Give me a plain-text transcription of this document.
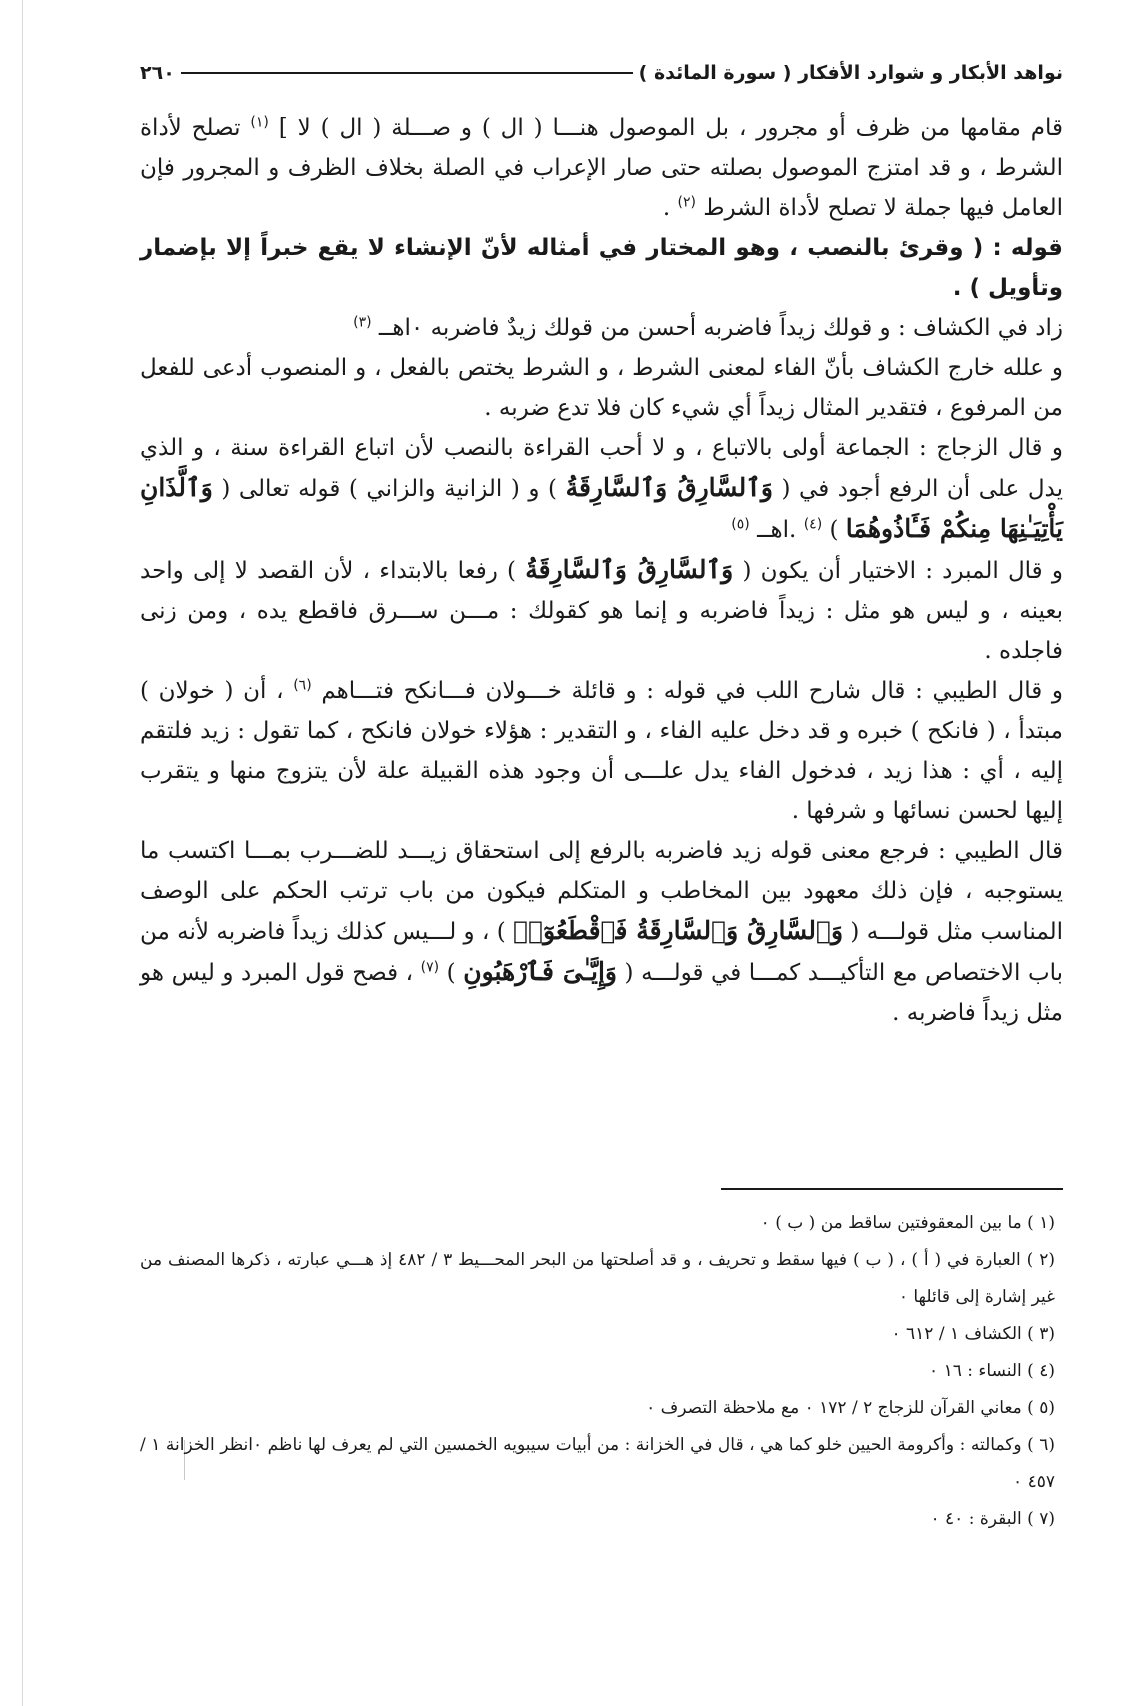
نواهد الأبكار و شوارد الأفكار ( سورة المائدة )
٢٦٠

قام مقامها من ظرف أو مجرور ، بل الموصول هنـــا ( ال ) و صـــلة ( ال ) لا ] $^{(١)}$ تصلح لأداة الشرط ، و قد امتزج الموصول بصلته حتى صار الإعراب في الصلة بخلاف الظرف و المجرور فإن العامل فيها جملة لا تصلح لأداة الشرط $^{(٢)}$ .

قوله : ( وقرئ بالنصب ، وهو المختار في أمثاله لأنّ الإنشاء لا يقع خبراً إلا بإضمار وتأويل ) .

زاد في الكشاف : و قولك زيداً فاضربه أحسن من قولك زيدٌ فاضربه ٠اهــ $^{(٣)}$

و علله خارج الكشاف بأنّ الفاء لمعنى الشرط ، و الشرط يختص بالفعل ، و المنصوب أدعى للفعل من المرفوع ، فتقدير المثال زيداً أي شيء كان فلا تدع ضربه .

و قال الزجاج : الجماعة أولى بالاتباع ، و لا أحب القراءة بالنصب لأن اتباع القراءة سنة ، و الذي يدل على أن الرفع أجود في ( وَٱلسَّارِقُ وَٱلسَّارِقَةُ ) و ( الزانية والزاني ) قوله تعالى ( وَٱلَّذَانِ يَأْتِيَـٰنِهَا مِنكُمْ فَـَٔاذُوهُمَا ) $^{(٤)}$ .اهــ $^{(٥)}$

و قال المبرد : الاختيار أن يكون ( وَٱلسَّارِقُ وَٱلسَّارِقَةُ ) رفعا بالابتداء ، لأن القصد لا إلى واحد بعينه ، و ليس هو مثل : زيداً فاضربه و إنما هو كقولك : مـــن ســـرق فاقطع يده ، ومن زنى فاجلده .

و قال الطيبي : قال شارح اللب في قوله : و قائلة خـــولان فـــانكح فتـــاهم $^{(٦)}$ ، أن ( خولان ) مبتدأ ، ( فانكح ) خبره و قد دخل عليه الفاء ، و التقدير : هؤلاء خولان فانكح ، كما تقول : زيد فلتقم إليه ، أي : هذا زيد ، فدخول الفاء يدل علـــى أن وجود هذه القبيلة علة لأن يتزوج منها و يتقرب إليها لحسن نسائها و شرفها .

قال الطيبي : فرجع معنى قوله زيد فاضربه بالرفع إلى استحقاق زيـــد للضـــرب بمـــا اكتسب ما يستوجبه ، فإن ذلك معهود بين المخاطب و المتكلم فيكون من باب ترتب الحكم على الوصف المناسب مثل قولـــه ( وَٱلسَّارِقُ وَٱلسَّارِقَةُ فَٱقْطَعُوٓا۟ ) ، و لـــيس كذلك زيداً فاضربه لأنه من باب الاختصاص مع التأكيـــد كمـــا في قولـــه ( وَإِيَّـٰىَ فَٱرْهَبُونِ ) $^{(٧)}$ ، فصح قول المبرد و ليس هو مثل زيداً فاضربه .

(١ ) ما بين المعقوفتين ساقط من ( ب ) ٠

(٢ ) العبارة في ( أ ) ، ( ب ) فيها سقط و تحريف ، و قد أصلحتها من البحر المحـــيط ٣ / ٤٨٢ إذ هـــي عبارته ، ذكرها المصنف من غير إشارة إلى قائلها ٠

(٣ ) الكشاف ١ / ٦١٢ ٠

(٤ ) النساء : ١٦ ٠

(٥ ) معاني القرآن للزجاج ٢ / ١٧٢ ٠ مع ملاحظة التصرف ٠

(٦ ) وكمالته : وأكرومة الحيين خلو كما هي ، قال في الخزانة : من أبيات سيبويه الخمسين التي لم يعرف لها ناظم ٠انظر الخزانة ١ / ٤٥٧ ٠

(٧ ) البقرة : ٤٠ ٠
